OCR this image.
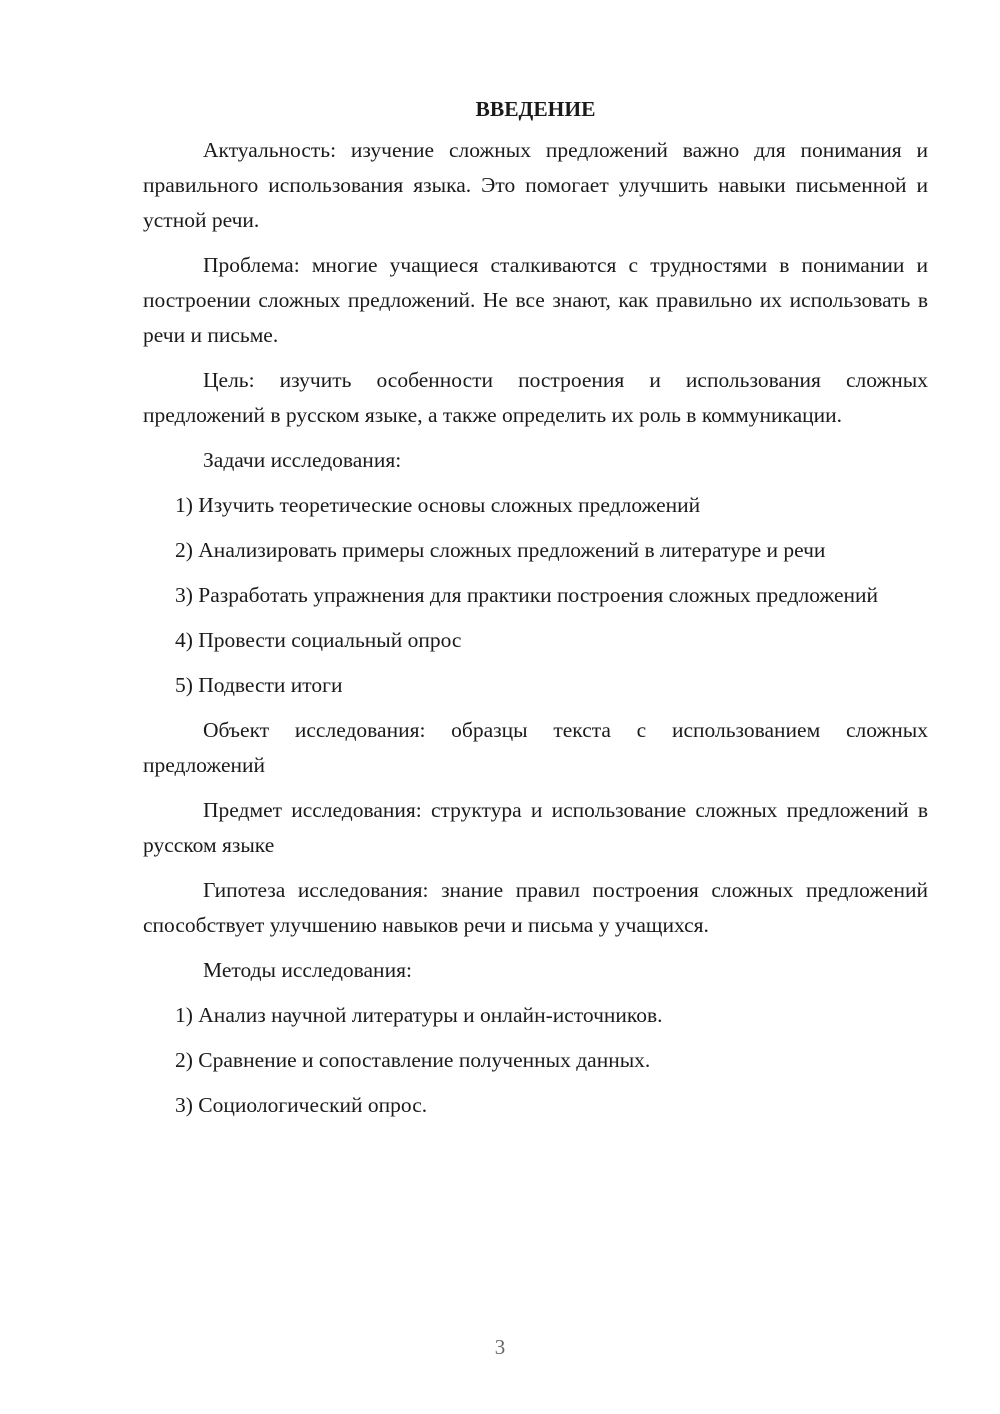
ВВЕДЕНИЕ

Актуальность: изучение сложных предложений важно для понимания и правильного использования языка. Это помогает улучшить навыки письменной и устной речи.

Проблема: многие учащиеся сталкиваются с трудностями в понимании и построении сложных предложений. Не все знают, как правильно их использовать в речи и письме.

Цель: изучить особенности построения и использования сложных предложений в русском языке, а также определить их роль в коммуникации.

Задачи исследования:

1) Изучить теоретические основы сложных предложений

2) Анализировать примеры сложных предложений в литературе и речи

3) Разработать упражнения для практики построения сложных предложений

4) Провести социальный опрос

5) Подвести итоги

Объект исследования: образцы текста с использованием сложных предложений

Предмет исследования: структура и использование сложных предложений в русском языке

Гипотеза исследования: знание правил построения сложных предложений способствует улучшению навыков речи и письма у учащихся.

Методы исследования:

1) Анализ научной литературы и онлайн-источников.

2) Сравнение и сопоставление полученных данных.

3) Социологический опрос.

3
